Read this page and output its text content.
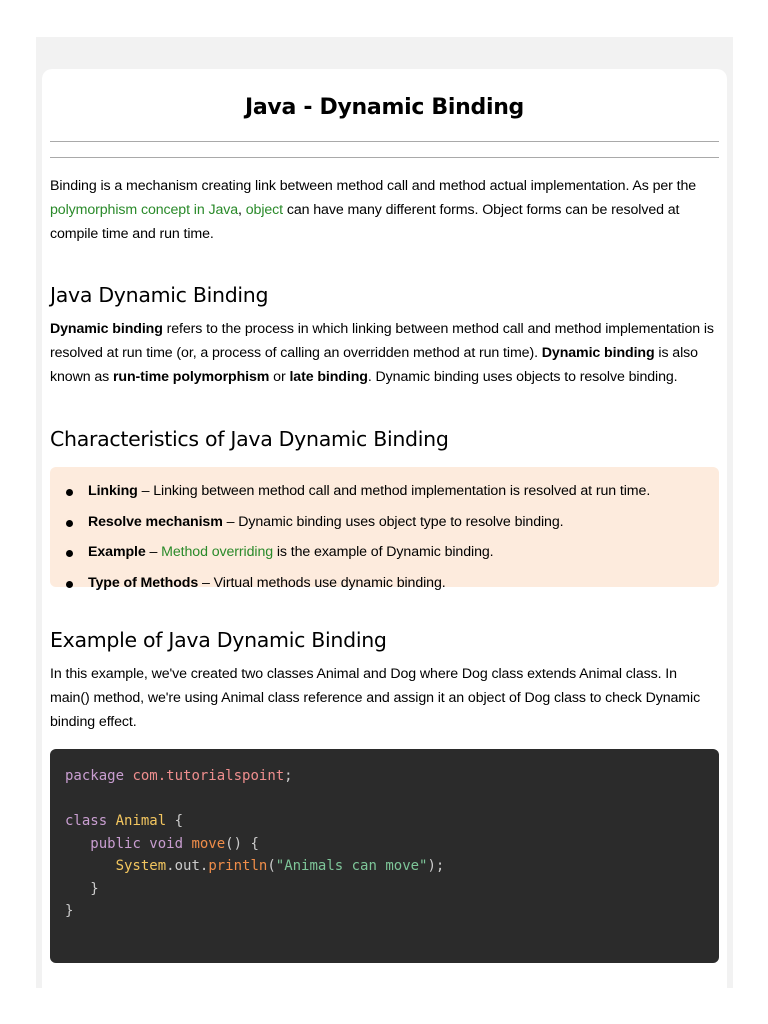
Java - Dynamic Binding

Binding is a mechanism creating link between method call and method actual implementation. As per the polymorphism concept in Java, object can have many different forms. Object forms can be resolved at compile time and run time.

Java Dynamic Binding

Dynamic binding refers to the process in which linking between method call and method implementation is resolved at run time (or, a process of calling an overridden method at run time). Dynamic binding is also known as run-time polymorphism or late binding. Dynamic binding uses objects to resolve binding.

Characteristics of Java Dynamic Binding
Linking – Linking between method call and method implementation is resolved at run time.
Resolve mechanism – Dynamic binding uses object type to resolve binding.
Example – Method overriding is the example of Dynamic binding.
Type of Methods – Virtual methods use dynamic binding.
Example of Java Dynamic Binding

In this example, we've created two classes Animal and Dog where Dog class extends Animal class. In main() method, we're using Animal class reference and assign it an object of Dog class to check Dynamic binding effect.

package com.tutorialspoint;

class Animal {
public void move() {
System.out.println("Animals can move");
}
}
